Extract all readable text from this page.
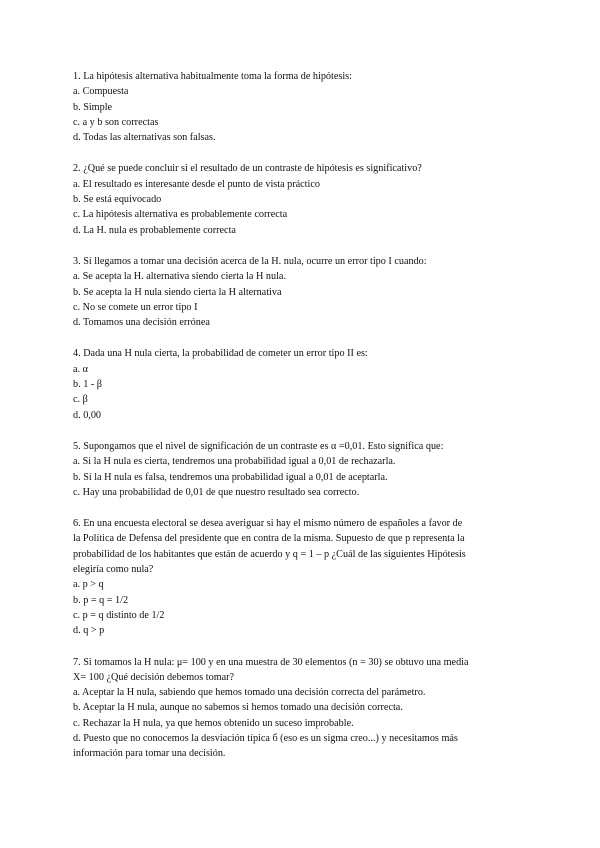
1. La hipótesis alternativa habitualmente toma la forma de hipótesis:
a. Compuesta
b. Simple
c. a y b son correctas
d. Todas las alternativas son falsas.
2. ¿Qué se puede concluir si el resultado de un contraste de hipótesis es significativo?
a. El resultado es interesante desde el punto de vista práctico
b. Se está equivocado
c. La hipótesis alternativa es probablemente correcta
d. La H. nula es probablemente correcta
3. Si llegamos a tomar una decisión acerca de la H. nula, ocurre un error tipo I cuando:
a. Se acepta la H. alternativa siendo cierta la H nula.
b. Se acepta la H nula siendo cierta la H alternativa
c. No se comete un error tipo I
d. Tomamos una decisión errónea
4. Dada una H nula cierta, la probabilidad de cometer un error tipo II es:
a. α
b. 1 - β
c. β
d. 0,00
5. Supongamos que el nivel de significación de un contraste es α =0,01. Esto significa que:
a. Si la H nula es cierta, tendremos una probabilidad igual a 0,01 de rechazarla.
b. Si la H nula es falsa, tendremos una probabilidad igual a 0,01 de aceptarla.
c. Hay una probabilidad de 0,01 de que nuestro resultado sea correcto.
6. En una encuesta electoral se desea averiguar si hay el mismo número de españoles a favor de
la Política de Defensa del presidente que en contra de la misma. Supuesto de que p representa la
probabilidad de los habitantes que están de acuerdo y q = 1 – p ¿Cuál de las siguientes Hipótesis
elegiría como nula?
a. p > q
b. p = q = 1/2
c. p = q distinto de 1/2
d. q > p
7. Si tomamos la H nula: μ= 100 y en una muestra de 30 elementos (n = 30) se obtuvo una media
X= 100 ¿Qué decisión debemos tomar?
a. Aceptar la H nula, sabiendo que hemos tomado una decisión correcta del parámetro.
b. Aceptar la H nula, aunque no sabemos si hemos tomado una decisión correcta.
c. Rechazar la H nula, ya que hemos obtenido un suceso improbable.
d. Puesto que no conocemos la desviación típica б (eso es un sigma creo...) y necesitamos más
información para tomar una decisión.
